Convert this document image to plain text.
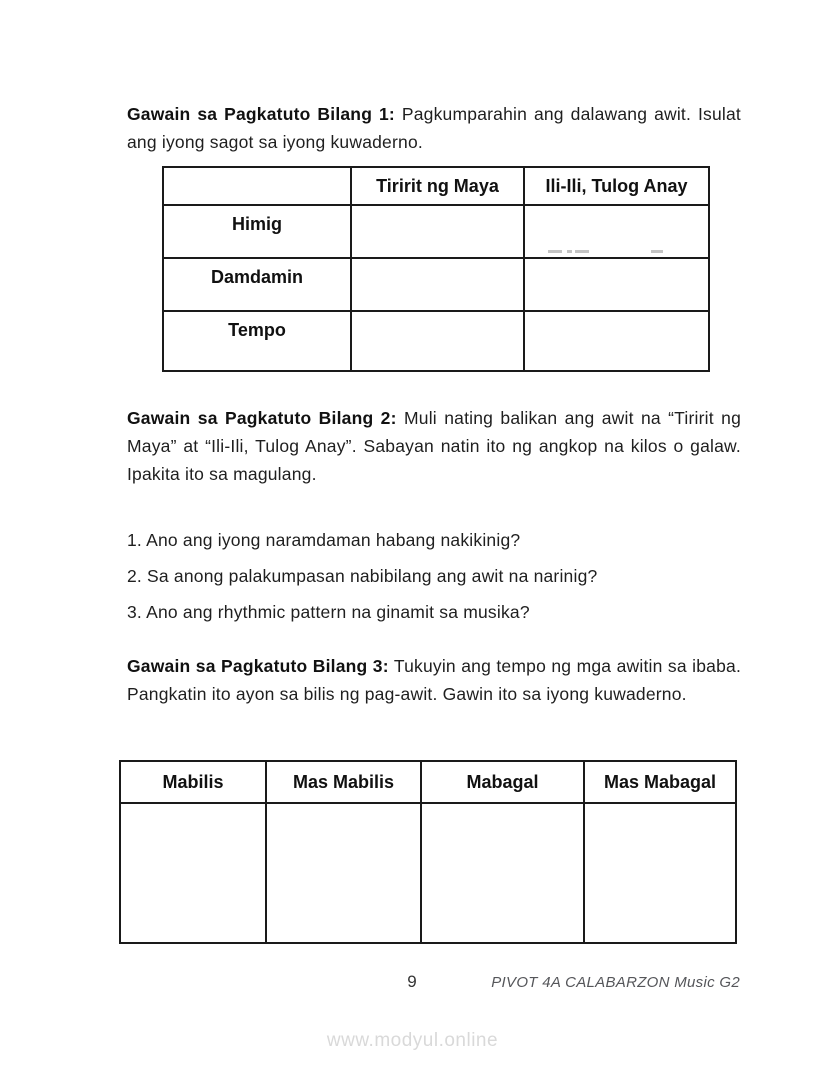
Gawain sa Pagkatuto Bilang 1: Pagkumparahin ang dalawang awit. Isulat ang iyong sagot sa iyong kuwaderno.

	Tiririt ng Maya	Ili-Ili, Tulog Anay
Himig		
Damdamin		
Tempo		

Gawain sa Pagkatuto Bilang 2: Muli nating balikan ang awit na “Tiririt ng Maya” at “Ili-Ili, Tulog Anay”. Sabayan natin ito ng angkop na kilos o galaw. Ipakita ito sa magulang.

1. Ano ang iyong naramdaman habang nakikinig?
2. Sa anong palakumpasan nabibilang ang awit na narinig?
3. Ano ang rhythmic pattern na ginamit sa musika?

Gawain sa Pagkatuto Bilang 3: Tukuyin ang tempo ng mga awitin sa ibaba. Pangkatin ito ayon sa bilis ng pag-awit. Gawin ito sa iyong kuwaderno.

Mabilis	Mas Mabilis	Mabagal	Mas Mabagal

9	PIVOT 4A CALABARZON Music G2
www.modyul.online
